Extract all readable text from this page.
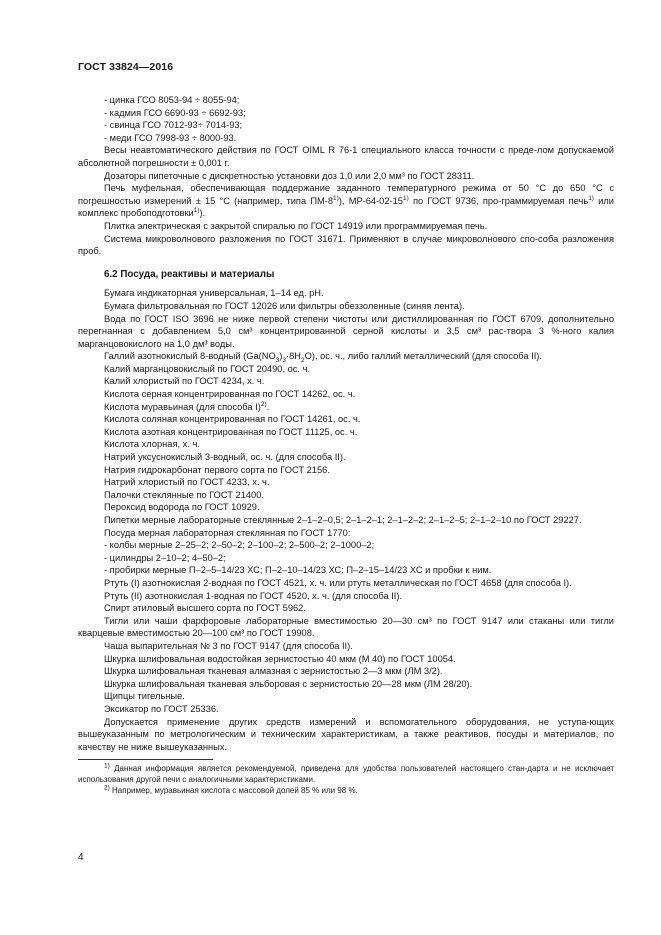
ГОСТ 33824—2016

- цинка ГСО 8053-94 ÷ 8055-94;

- кадмия ГСО 6690-93 ÷ 6692-93;

- свинца ГСО 7012-93÷ 7014-93;

- меди ГСО 7998-93 ÷ 8000-93.

Весы неавтоматического действия по ГОСТ OIML R 76-1 специального класса точности с преде-лом допускаемой абсолютной погрешности ± 0,001 г.

Дозаторы пипеточные с дискретностью установки доз 1,0 или 2,0 мм³ по ГОСТ 28311.

Печь муфельная, обеспечивающая поддержание заданного температурного режима от 50 °С до 650 °С с погрешностью измерений ± 15 °С (например, типа ПМ-8$^{1)}$), МР-64-02-15$^{1)}$ по ГОСТ 9736, про-граммируемая печь$^{1)}$ или комплекс пробоподготовки$^{1)}$).

Плитка электрическая с закрытой спиралью по ГОСТ 14919 или программируемая печь.

Система микроволнового разложения по ГОСТ 31671. Применяют в случае микроволнового спо-соба разложения проб.

6.2 Посуда, реактивы и материалы

Бумага индикаторная универсальная, 1–14 ед. рН.

Бумага фильтровальная по ГОСТ 12026 или фильтры обеззоленные (синяя лента).

Вода по ГОСТ ISO 3696 не ниже первой степени чистоты или дистиллированная по ГОСТ 6709, дополнительно перегнанная с добавлением 5,0 см³ концентрированной серной кислоты и 3,5 см³ рас-твора 3 %-ного калия марганцовокислого на 1,0 дм³ воды.

Галлий азотнокислый 8-водный $(Ga(NO_3)_3\cdot 8H_2O)$, ос. ч., либо галлий металлический (для способа II).

Калий марганцовокислый по ГОСТ 20490, ос. ч.

Калий хлористый по ГОСТ 4234, х. ч.

Кислота серная концентрированная по ГОСТ 14262, ос. ч.

Кислота муравьиная (для способа I)$^{2)}$.

Кислота соляная концентрированная по ГОСТ 14261, ос. ч.

Кислота азотная концентрированная по ГОСТ 11125, ос. ч.

Кислота хлорная, х. ч.

Натрий уксуснокислый 3-водный, ос. ч. (для способа II).

Натрия гидрокарбонат первого сорта по ГОСТ 2156.

Натрий хлористый по ГОСТ 4233, х. ч.

Палочки стеклянные по ГОСТ 21400.

Пероксид водорода по ГОСТ 10929.

Пипетки мерные лабораторные стеклянные 2–1–2–0,5; 2–1–2–1; 2–1–2–2; 2–1–2–5; 2–1–2–10 по ГОСТ 29227.

Посуда мерная лабораторная стеклянная по ГОСТ 1770:

- колбы мерные 2–25–2; 2–50–2; 2–100–2; 2–500–2; 2–1000–2;

- цилиндры 2–10–2; 4–50–2;

- пробирки мерные П–2–5–14/23 ХС; П–2–10–14/23 ХС; П–2–15–14/23 ХС и пробки к ним.

Ртуть (I) азотнокислая 2-водная по ГОСТ 4521, х. ч. или ртуть металлическая по ГОСТ 4658 (для способа I).

Ртуть (II) азотнокислая 1-водная по ГОСТ 4520, х. ч. (для способа II).

Спирт этиловый высшего сорта по ГОСТ 5962.

Тигли или чаши фарфоровые лабораторные вместимостью 20—30 см³ по ГОСТ 9147 или стаканы или тигли кварцевые вместимостью 20—100 см³ по ГОСТ 19908.

Чаша выпарительная № 3 по ГОСТ 9147 (для способа II).

Шкурка шлифовальная водостойкая зернистостью 40 мкм (М 40) по ГОСТ 10054.

Шкурка шлифовальная тканевая алмазная с зернистостью 2—3 мкм (ЛМ 3/2).

Шкурка шлифовальная тканевая эльборовая с зернистостью 20—28 мкм (ЛМ 28/20).

Щипцы тигельные.

Эксикатор по ГОСТ 25336.

Допускается применение других средств измерений и вспомогательного оборудования, не уступа-ющих вышеуказанным по метрологическим и техническим характеристикам, а также реактивов, посуды и материалов, по качеству не ниже вышеуказанных.

$^{1)}$ Данная информация является рекомендуемой, приведена для удобства пользователей настоящего стан-дарта и не исключает использования другой печи с аналогичными характеристиками.

$^{2)}$ Например, муравьиная кислота с массовой долей 85 % или 98 %.

4
